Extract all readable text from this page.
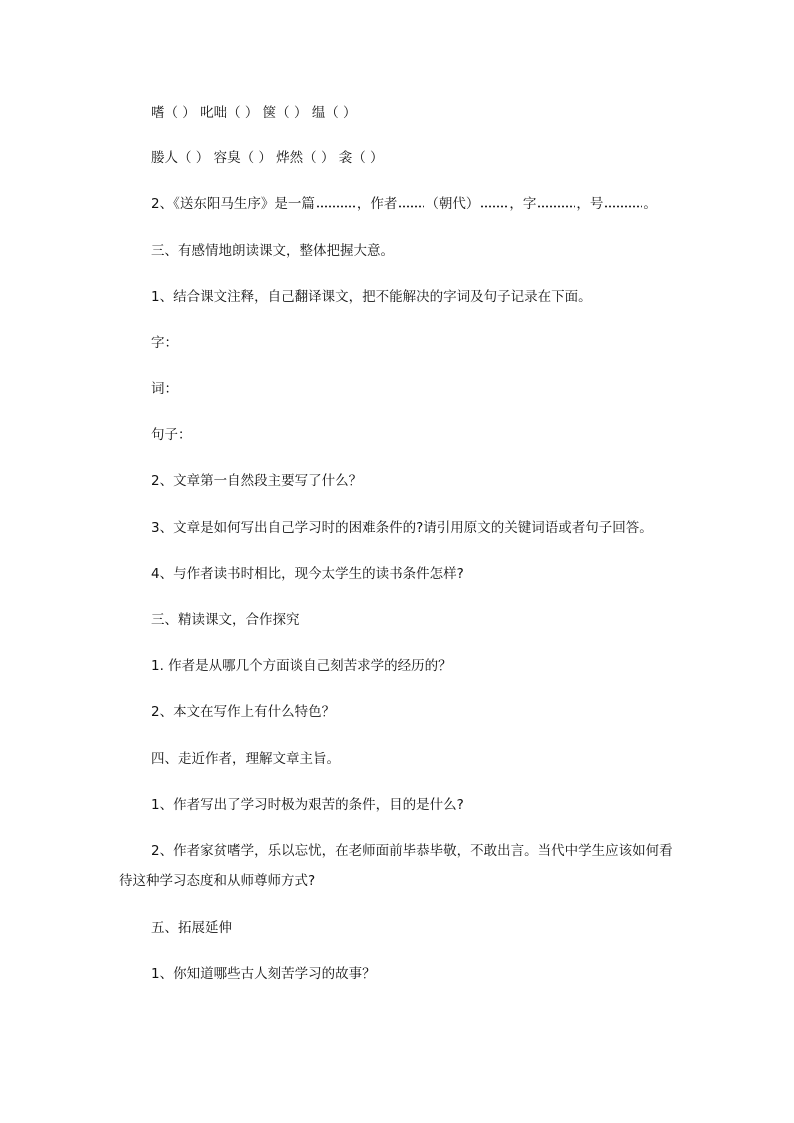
嗜（ ） 叱咄（ ） 箧（ ） 缊（ ）
媵人（ ） 容臭（ ） 烨然（ ） 衾（ ）
2、《送东阳马生序》是一篇	，作者 （朝代） ，字	，号	。
三、有感情地朗读课文，整体把握大意。
1、结合课文注释，自己翻译课文，把不能解决的字词及句子记录在下面。
字：
词：
句子：
2、文章第一自然段主要写了什么？
3、文章是如何写出自己学习时的困难条件的?请引用原文的关键词语或者句子回答。
4、与作者读书时相比，现今太学生的读书条件怎样?
三、精读课文，合作探究
1. 作者是从哪几个方面谈自己刻苦求学的经历的？
2、本文在写作上有什么特色？
四、走近作者，理解文章主旨。
1、作者写出了学习时极为艰苦的条件，目的是什么?
2、作者家贫嗜学，乐以忘忧，在老师面前毕恭毕敬，不敢出言。当代中学生应该如何看待这种学习态度和从师尊师方式?
五、拓展延伸
1、你知道哪些古人刻苦学习的故事？
